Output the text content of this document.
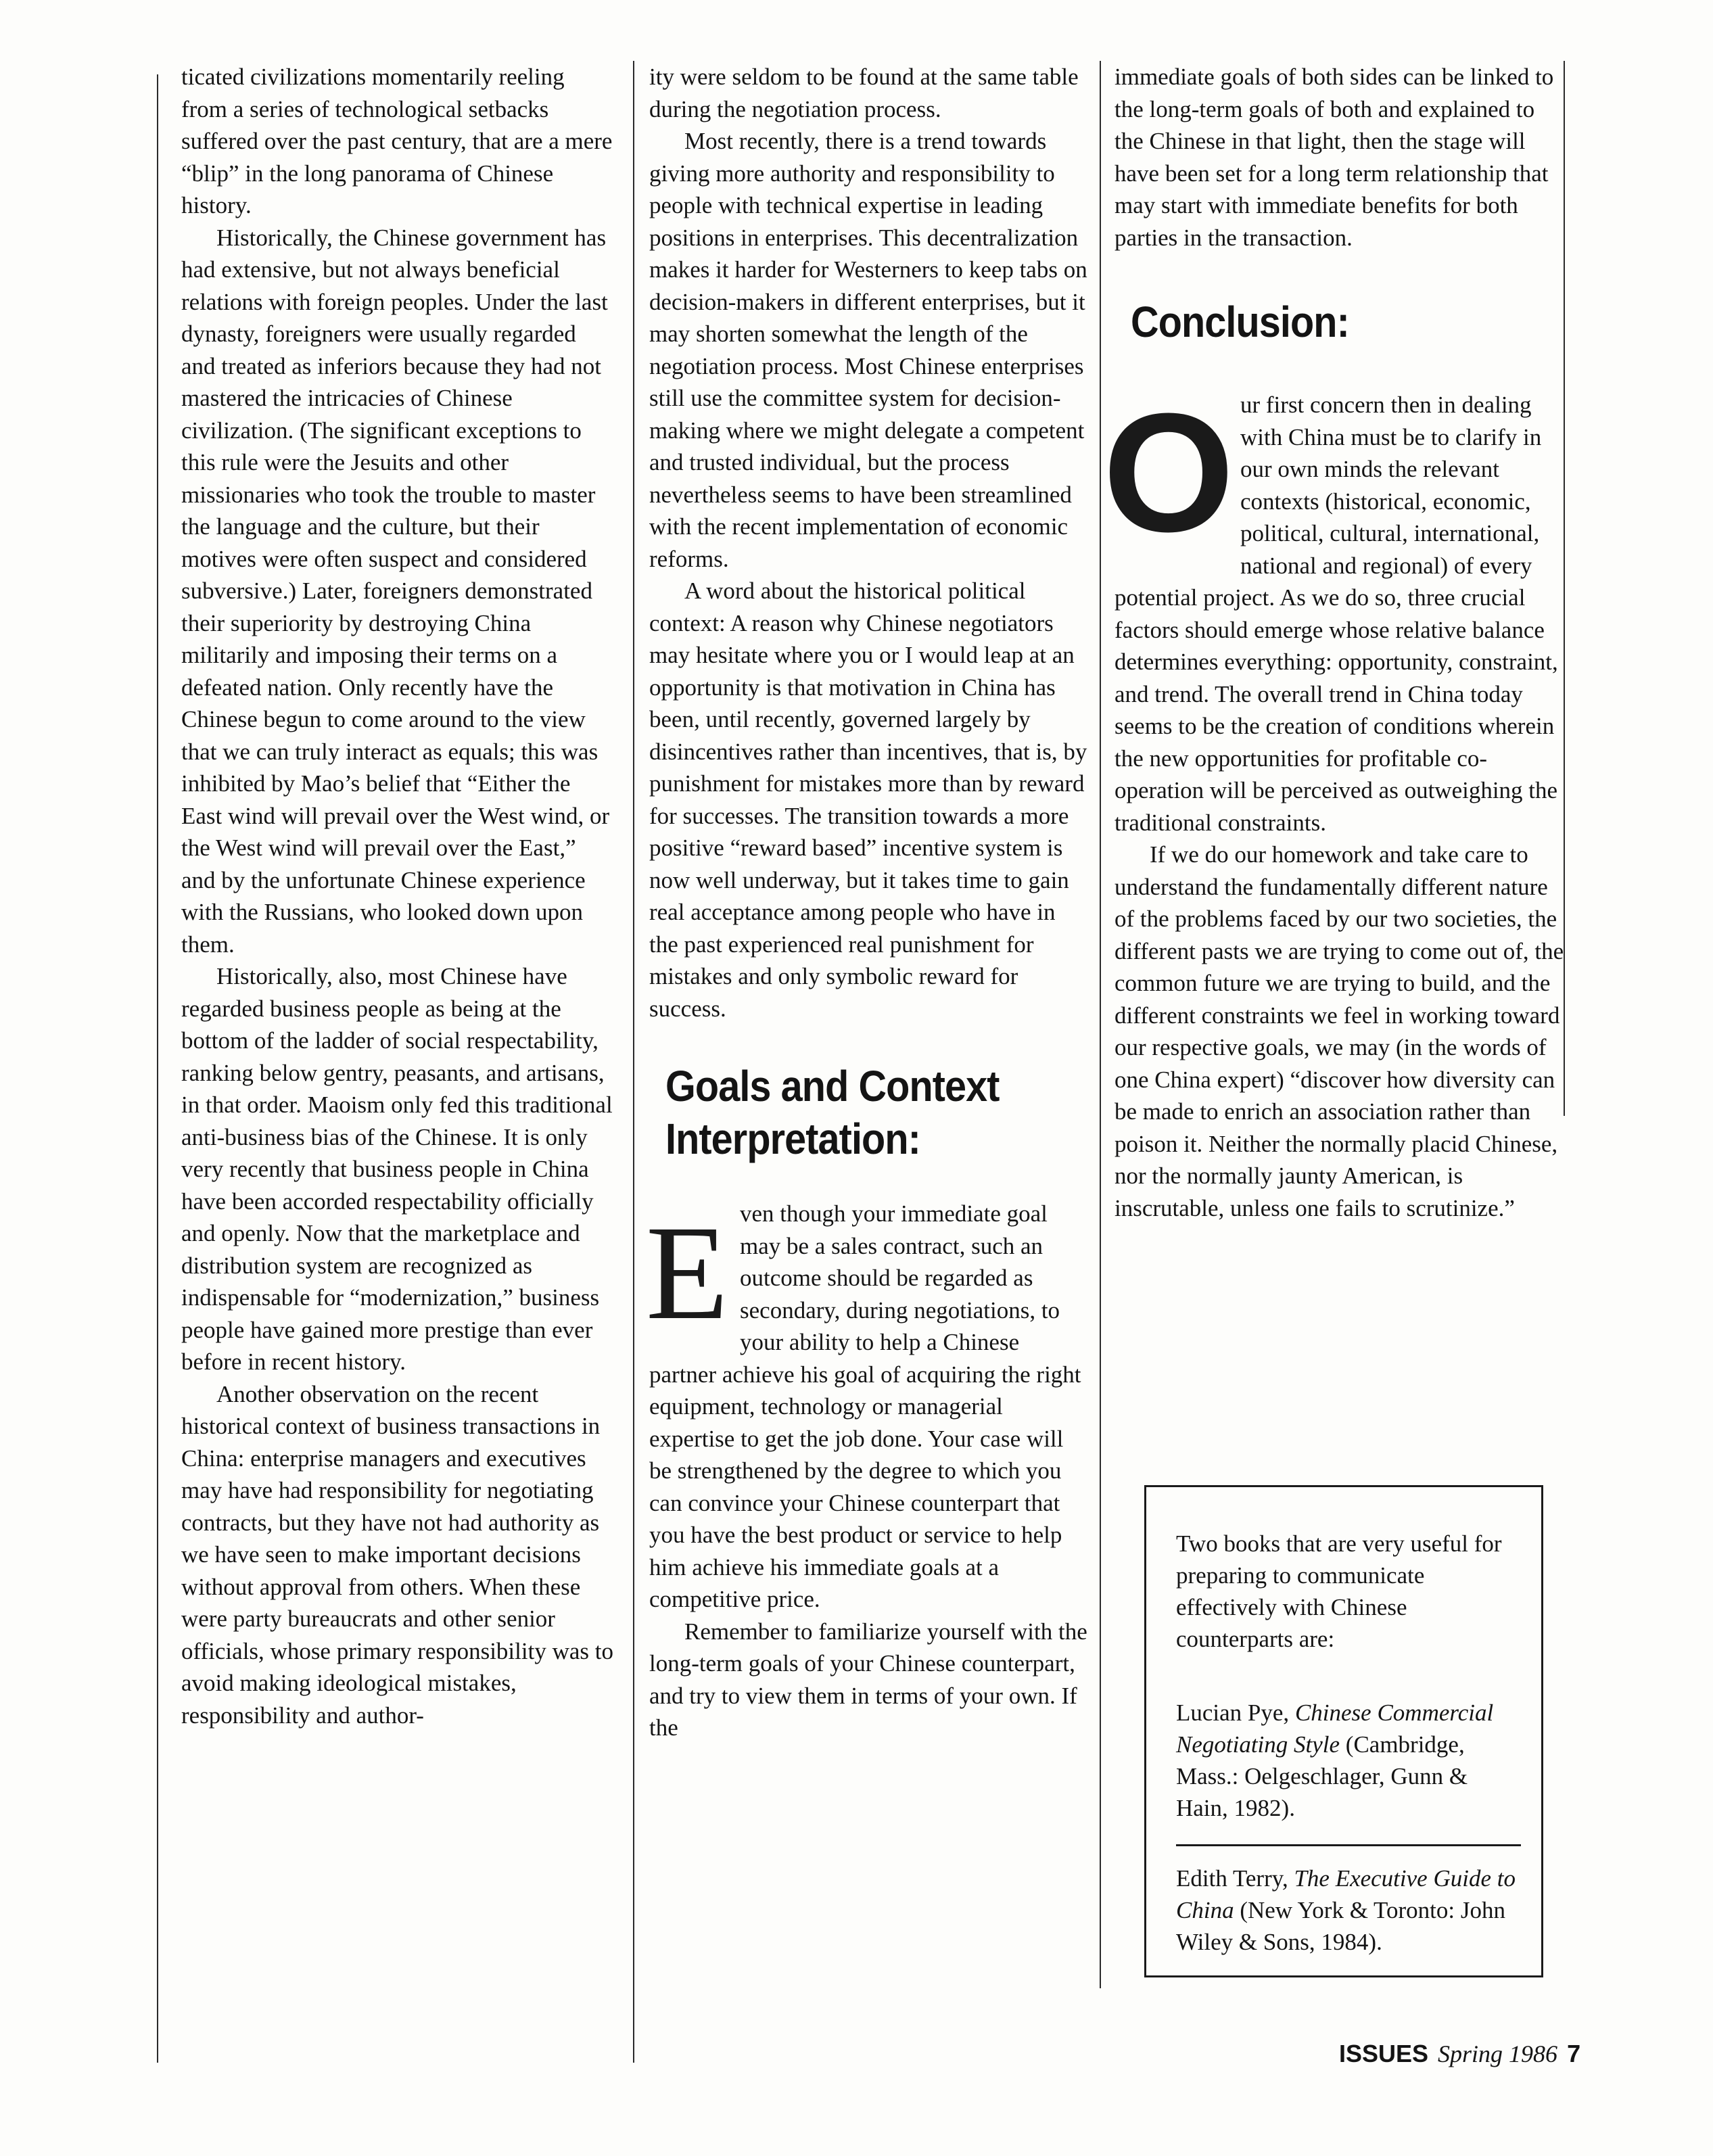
ticated civilizations momentarily reeling from a series of technological setbacks suffered over the past century, that are a mere “blip” in the long panorama of Chinese history.

Historically, the Chinese government has had extensive, but not always beneficial relations with foreign peoples. Under the last dynasty, foreigners were usually regarded and treated as inferiors because they had not mastered the intricacies of Chinese civilization. (The significant exceptions to this rule were the Jesuits and other missionaries who took the trouble to master the language and the culture, but their motives were often suspect and considered subversive.) Later, foreigners demonstrated their superiority by destroying China militarily and imposing their terms on a defeated nation. Only recently have the Chinese begun to come around to the view that we can truly interact as equals; this was inhibited by Mao’s belief that “Either the East wind will prevail over the West wind, or the West wind will prevail over the East,” and by the unfortunate Chinese experience with the Russians, who looked down upon them.

Historically, also, most Chinese have regarded business people as being at the bottom of the ladder of social respectability, ranking below gentry, peasants, and artisans, in that order. Maoism only fed this traditional anti-business bias of the Chinese. It is only very recently that business people in China have been accorded respectability officially and openly. Now that the marketplace and distribution system are recognized as indispensable for “modernization,” business people have gained more prestige than ever before in recent history.

Another observation on the recent historical context of business transactions in China: enterprise managers and executives may have had responsibility for negotiating contracts, but they have not had authority as we have seen to make important decisions without approval from others. When these were party bureaucrats and other senior officials, whose primary responsibility was to avoid making ideological mistakes, responsibility and author-

ity were seldom to be found at the same table during the negotiation process.

Most recently, there is a trend towards giving more authority and responsibility to people with technical expertise in leading positions in enterprises. This decentralization makes it harder for Westerners to keep tabs on decision-makers in different enterprises, but it may shorten somewhat the length of the negotiation process. Most Chinese enterprises still use the committee system for decision-making where we might delegate a competent and trusted individual, but the process nevertheless seems to have been streamlined with the recent implementation of economic reforms.

A word about the historical political context: A reason why Chinese negotiators may hesitate where you or I would leap at an opportunity is that motivation in China has been, until recently, governed largely by disincentives rather than incentives, that is, by punishment for mistakes more than by reward for successes. The transition towards a more positive “reward based” incentive system is now well underway, but it takes time to gain real acceptance among people who have in the past experienced real punishment for mistakes and only symbolic reward for success.

Goals and Context Interpretation:

Even though your immediate goal may be a sales contract, such an outcome should be regarded as secondary, during negotiations, to your ability to help a Chinese partner achieve his goal of acquiring the right equipment, technology or managerial expertise to get the job done. Your case will be strengthened by the degree to which you can convince your Chinese counterpart that you have the best product or service to help him achieve his immediate goals at a competitive price.

Remember to familiarize yourself with the long-term goals of your Chinese counterpart, and try to view them in terms of your own. If the

immediate goals of both sides can be linked to the long-term goals of both and explained to the Chinese in that light, then the stage will have been set for a long term relationship that may start with immediate benefits for both parties in the transaction.

Conclusion:

Our first concern then in dealing with China must be to clarify in our own minds the relevant contexts (historical, economic, political, cultural, international, national and regional) of every potential project. As we do so, three crucial factors should emerge whose relative balance determines everything: opportunity, constraint, and trend. The overall trend in China today seems to be the creation of conditions wherein the new opportunities for profitable co-operation will be perceived as outweighing the traditional constraints.

If we do our homework and take care to understand the fundamentally different nature of the problems faced by our two societies, the different pasts we are trying to come out of, the common future we are trying to build, and the different constraints we feel in working toward our respective goals, we may (in the words of one China expert) “discover how diversity can be made to enrich an association rather than poison it. Neither the normally placid Chinese, nor the normally jaunty American, is inscrutable, unless one fails to scrutinize.”

Two books that are very useful for preparing to communicate effectively with Chinese counterparts are:

Lucian Pye, Chinese Commercial Negotiating Style (Cambridge, Mass.: Oelgeschlager, Gunn & Hain, 1982).

Edith Terry, The Executive Guide to China (New York & Toronto: John Wiley & Sons, 1984).

ISSUES Spring 1986 7
